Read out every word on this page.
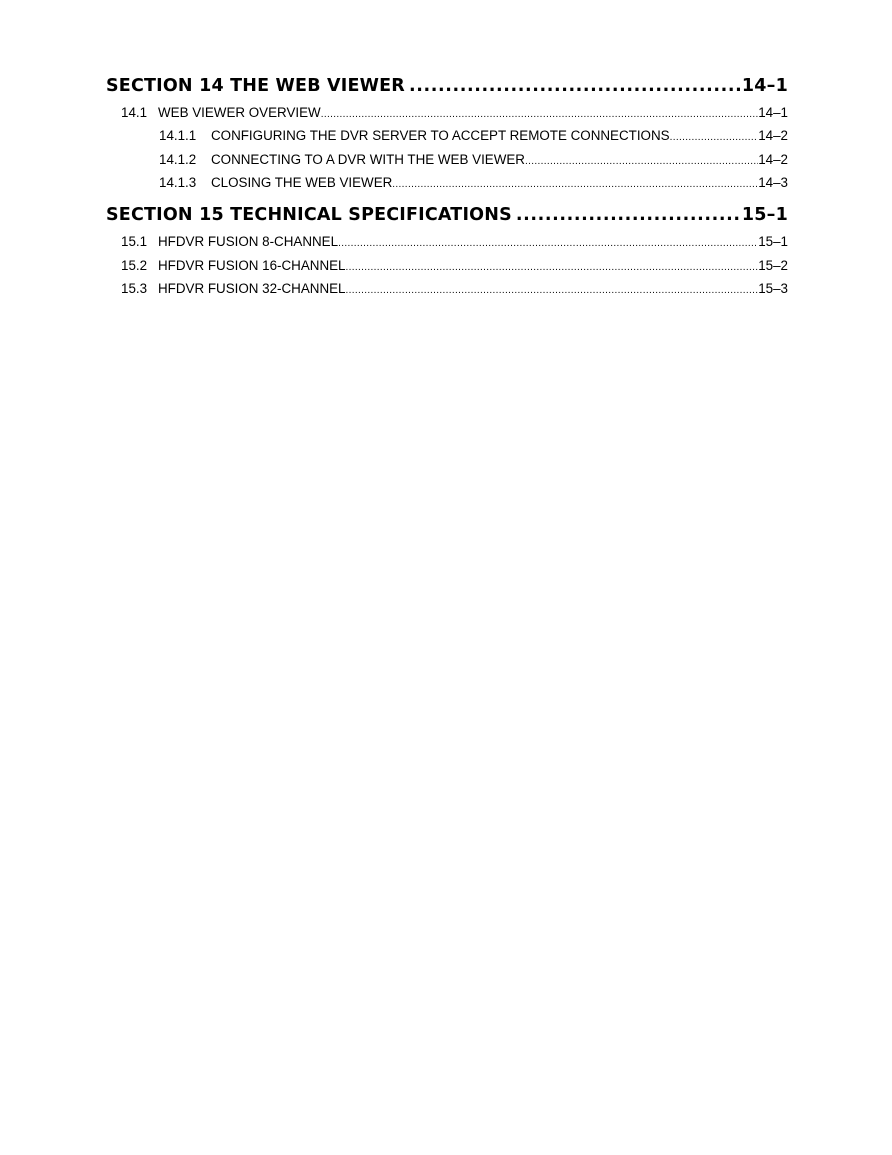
SECTION 14 THE WEB VIEWER .....	14–1
14.1 WEB VIEWER OVERVIEW .....	14–1
14.1.1	CONFIGURING THE DVR SERVER TO ACCEPT REMOTE CONNECTIONS .....	14–2
14.1.2	CONNECTING TO A DVR WITH THE WEB VIEWER .....	14–2
14.1.3	CLOSING THE WEB VIEWER .....	14–3
SECTION 15 TECHNICAL SPECIFICATIONS .....	15–1
15.1 HFDVR FUSION 8-CHANNEL .....	15–1
15.2 HFDVR FUSION 16-CHANNEL .....	15–2
15.3 HFDVR FUSION 32-CHANNEL .....	15–3
